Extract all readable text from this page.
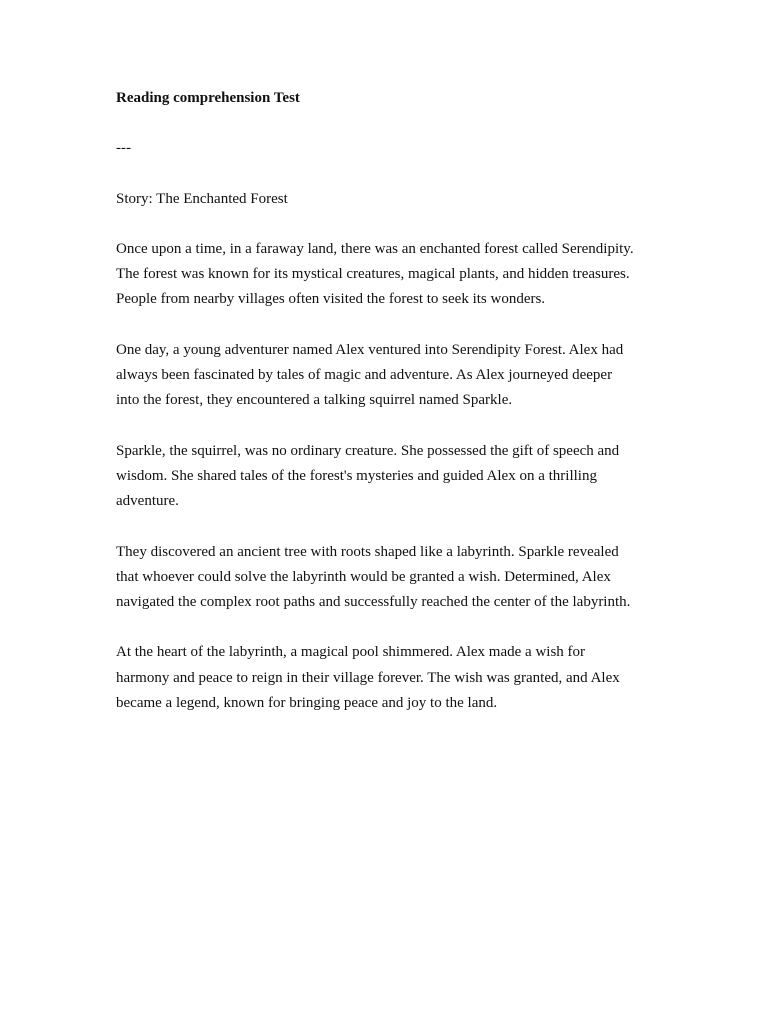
Reading comprehension Test
---
Story: The Enchanted Forest
Once upon a time, in a faraway land, there was an enchanted forest called Serendipity.
The forest was known for its mystical creatures, magical plants, and hidden treasures.
People from nearby villages often visited the forest to seek its wonders.
One day, a young adventurer named Alex ventured into Serendipity Forest. Alex had
always been fascinated by tales of magic and adventure. As Alex journeyed deeper
into the forest, they encountered a talking squirrel named Sparkle.
Sparkle, the squirrel, was no ordinary creature. She possessed the gift of speech and
wisdom. She shared tales of the forest's mysteries and guided Alex on a thrilling
adventure.
They discovered an ancient tree with roots shaped like a labyrinth. Sparkle revealed
that whoever could solve the labyrinth would be granted a wish. Determined, Alex
navigated the complex root paths and successfully reached the center of the labyrinth.
At the heart of the labyrinth, a magical pool shimmered. Alex made a wish for
harmony and peace to reign in their village forever. The wish was granted, and Alex
became a legend, known for bringing peace and joy to the land.
